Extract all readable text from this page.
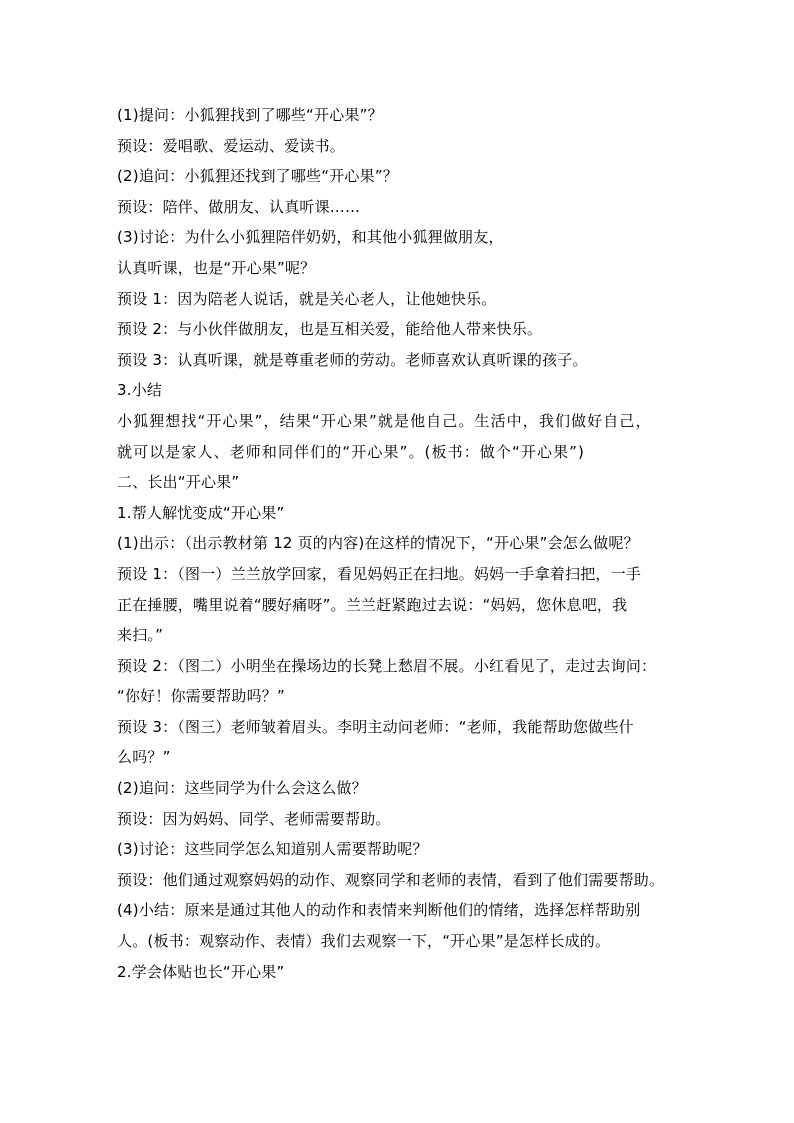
(1)提问：小狐狸找到了哪些“开心果”？
预设：爱唱歌、爱运动、爱读书。
(2)追问：小狐狸还找到了哪些“开心果”？
预设：陪伴、做朋友、认真听课……
(3)讨论：为什么小狐狸陪伴奶奶，和其他小狐狸做朋友，
认真听课，也是“开心果”呢？
预设 1：因为陪老人说话，就是关心老人，让他她快乐。
预设 2：与小伙伴做朋友，也是互相关爱，能给他人带来快乐。
预设 3：认真听课，就是尊重老师的劳动。老师喜欢认真听课的孩子。
3.小结
小狐狸想找“开心果”，结果“开心果”就是他自己。生活中，我们做好自己，
就可以是家人、老师和同伴们的“开心果”。(板书：做个“开心果”)
二、长出“开心果”
1.帮人解忧变成“开心果”
(1)出示：（出示教材第 12 页的内容)在这样的情况下，“开心果”会怎么做呢？
预设 1：（图一）兰兰放学回家，看见妈妈正在扫地。妈妈一手拿着扫把，一手
正在捶腰，嘴里说着“腰好痛呀”。兰兰赶紧跑过去说：“妈妈，您休息吧，我
来扫。”
预设 2：（图二）小明坐在操场边的长凳上愁眉不展。小红看见了，走过去询问：
“你好！你需要帮助吗？”
预设 3：（图三）老师皱着眉头。李明主动问老师：“老师，我能帮助您做些什
么吗？”
(2)追问：这些同学为什么会这么做？
预设：因为妈妈、同学、老师需要帮助。
(3)讨论：这些同学怎么知道别人需要帮助呢？
预设：他们通过观察妈妈的动作、观察同学和老师的表情，看到了他们需要帮助。
(4)小结：原来是通过其他人的动作和表情来判断他们的情绪，选择怎样帮助别
人。(板书：观察动作、表情）我们去观察一下，“开心果”是怎样长成的。
2.学会体贴也长“开心果”
